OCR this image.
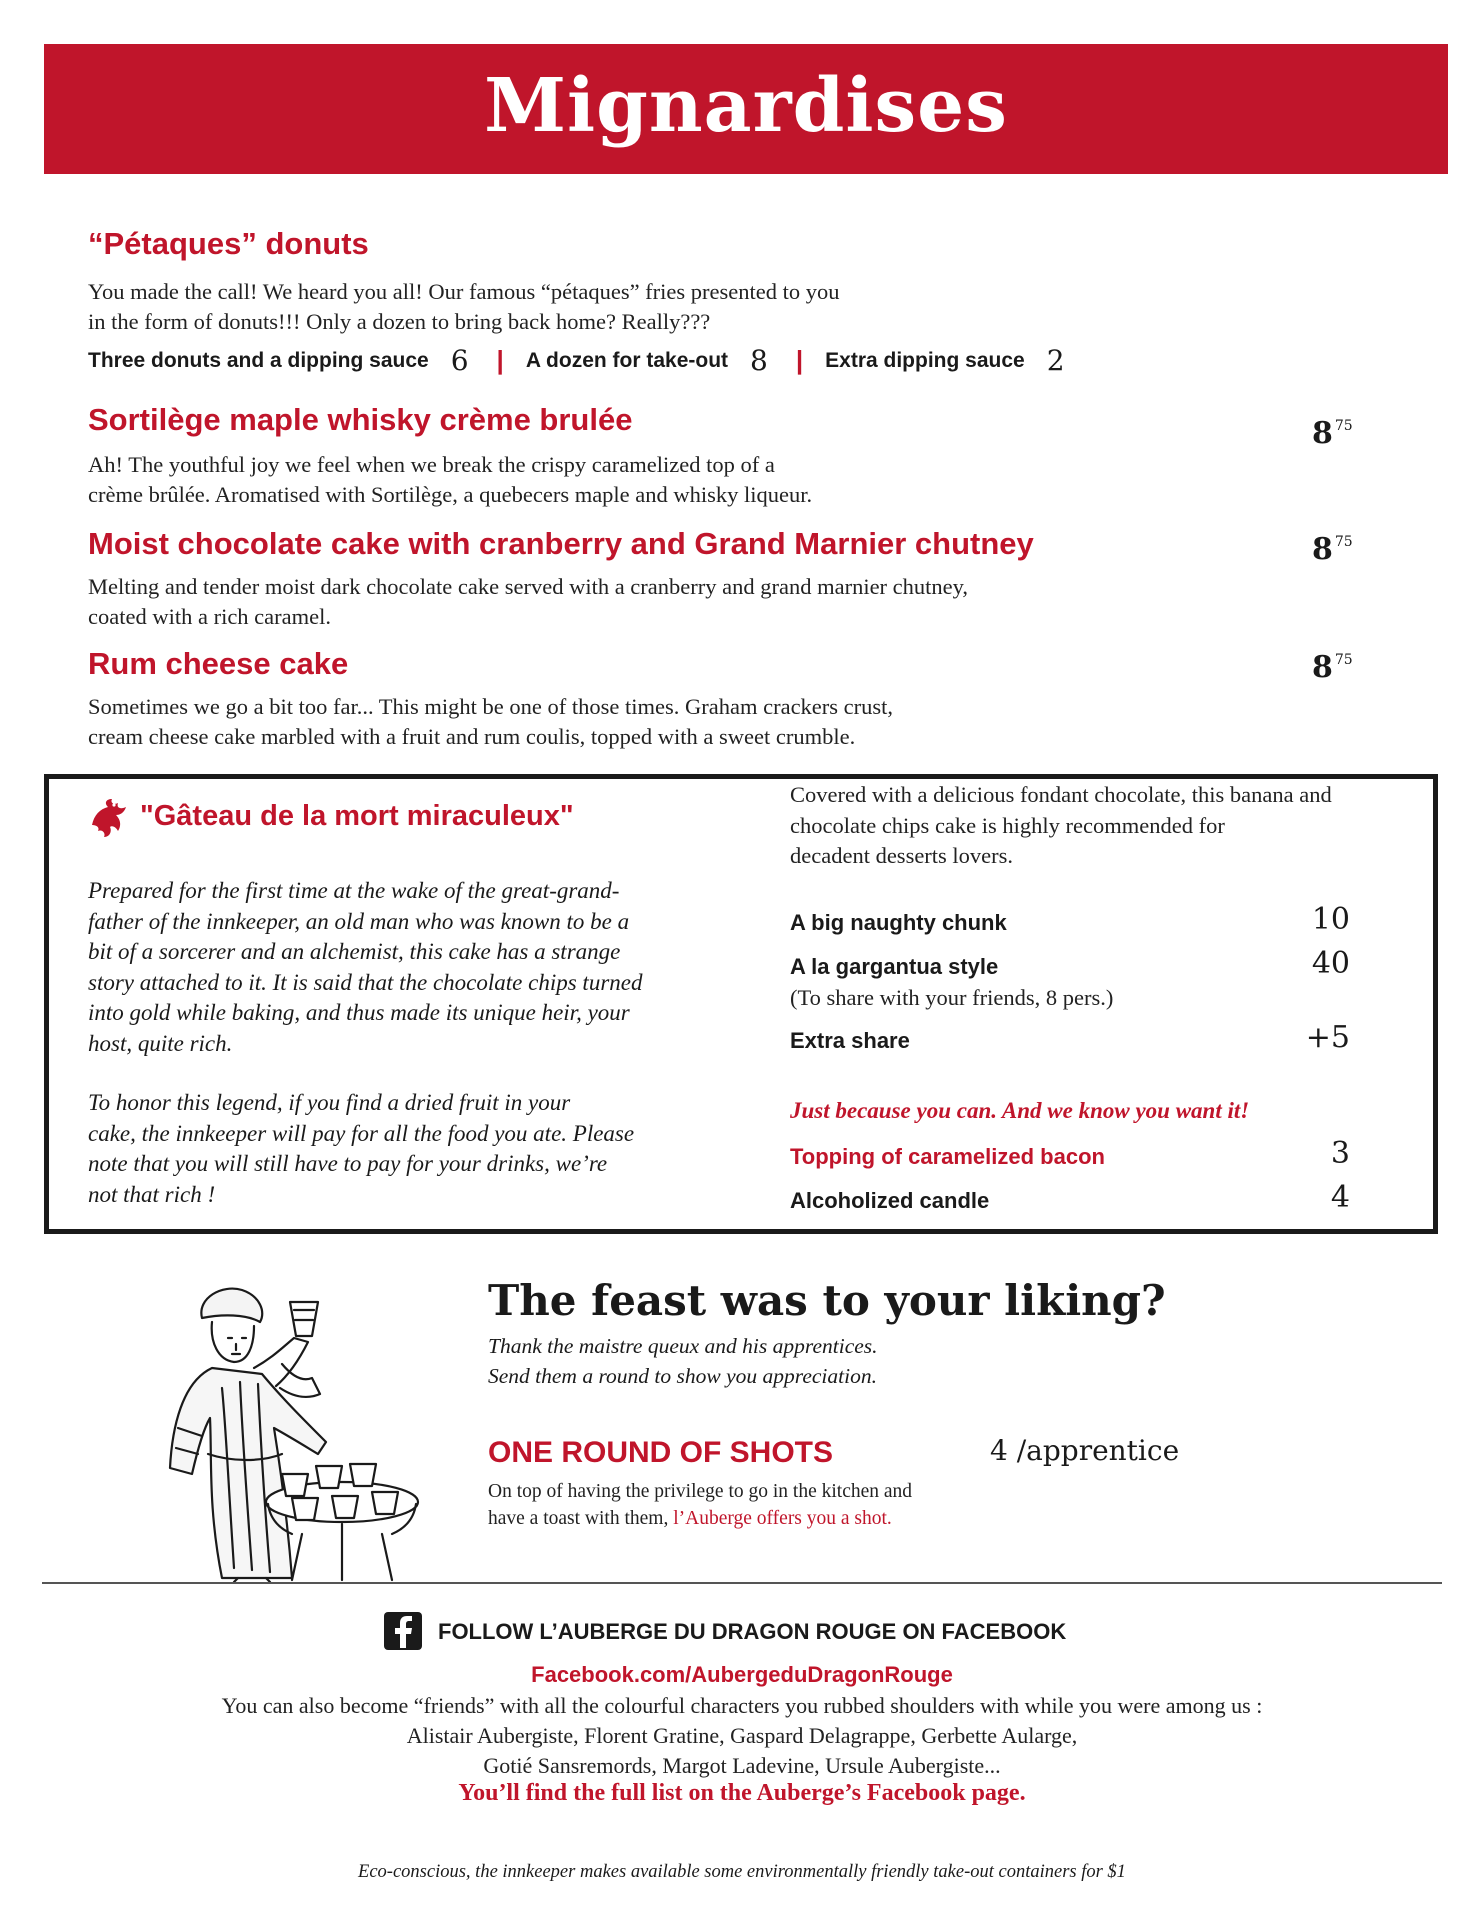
Mignardises
“Pétaques” donuts

You made the call! We heard you all! Our famous “pétaques” fries presented to you

in the form of donuts!!! Only a dozen to bring back home? Really???

Three donuts and a dipping sauce 6 | A dozen for take-out 8 | Extra dipping sauce 2
Sortilège maple whisky crème brulée	8 $^{75}$

Ah! The youthful joy we feel when we break the crispy caramelized top of a

crème brûlée. Aromatised with Sortilège, a quebecers maple and whisky liqueur.

Moist chocolate cake with cranberry and Grand Marnier chutney	8 $^{75}$

Melting and tender moist dark chocolate cake served with a cranberry and grand marnier chutney,

coated with a rich caramel.

Rum cheese cake	8 $^{75}$

Sometimes we go a bit too far... This might be one of those times. Graham crackers crust,

cream cheese cake marbled with a fruit and rum coulis, topped with a sweet crumble.

"Gâteau de la mort miraculeux"
Prepared for the first time at the wake of the great-grand-
father of the innkeeper, an old man who was known to be a
bit of a sorcerer and an alchemist, this cake has a strange
story attached to it. It is said that the chocolate chips turned
into gold while baking, and thus made its unique heir, your
host, quite rich.
To honor this legend, if you find a dried fruit in your
cake, the innkeeper will pay for all the food you ate. Please
note that you will still have to pay for your drinks, we’re
not that rich !
Covered with a delicious fondant chocolate, this banana and
chocolate chips cake is highly recommended for
decadent desserts lovers.
A big naughty chunk	10
A la gargantua style	40
(To share with your friends, 8 pers.)
Extra share	+5
Just because you can. And we know you want it!
Topping of caramelized bacon	3
Alcoholized candle	4
The feast was to your liking?
Thank the maistre queux and his apprentices.
Send them a round to show you appreciation.
ONE ROUND OF SHOTS	4 /apprentice
On top of having the privilege to go in the kitchen and
have a toast with them, l’Auberge offers you a shot.
FOLLOW L’AUBERGE DU DRAGON ROUGE ON FACEBOOK
Facebook.com/AubergeduDragonRouge
You can also become “friends” with all the colourful characters you rubbed shoulders with while you were among us :
Alistair Aubergiste, Florent Gratine, Gaspard Delagrappe, Gerbette Aularge,
Gotié Sansremords, Margot Ladevine, Ursule Aubergiste...
You’ll find the full list on the Auberge’s Facebook page.
Eco-conscious, the innkeeper makes available some environmentally friendly take-out containers for $1
